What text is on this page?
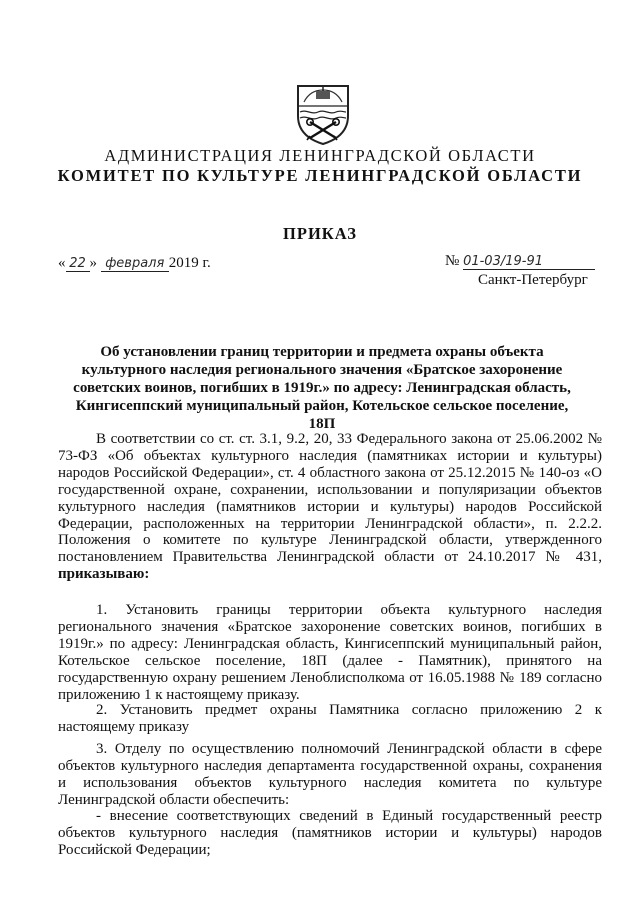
АДМИНИСТРАЦИЯ ЛЕНИНГРАДСКОЙ ОБЛАСТИ
КОМИТЕТ ПО КУЛЬТУРЕ ЛЕНИНГРАДСКОЙ ОБЛАСТИ
ПРИКАЗ
« 22 » февраля 2019 г.	№ 01-03/19-91
Санкт-Петербург
Об установлении границ территории и предмета охраны объекта культурного наследия регионального значения «Братское захоронение советских воинов, погибших в 1919г.» по адресу: Ленинградская область, Кингисеппский муниципальный район, Котельское сельское поселение, 18П

В соответствии со ст. ст. 3.1, 9.2, 20, 33 Федерального закона от 25.06.2002 № 73-ФЗ «Об объектах культурного наследия (памятниках истории и культуры) народов Российской Федерации», ст. 4 областного закона от 25.12.2015 № 140-оз «О государственной охране, сохранении, использовании и популяризации объектов культурного наследия (памятников истории и культуры) народов Российской Федерации, расположенных на территории Ленинградской области», п. 2.2.2. Положения о комитете по культуре Ленинградской области, утвержденного постановлением Правительства Ленинградской области от 24.10.2017 № 431, приказываю:

1. Установить границы территории объекта культурного наследия регионального значения «Братское захоронение советских воинов, погибших в 1919г.» по адресу: Ленинградская область, Кингисеппский муниципальный район, Котельское сельское поселение, 18П (далее - Памятник), принятого на государственную охрану решением Леноблисполкома от 16.05.1988 № 189 согласно приложению 1 к настоящему приказу.

2. Установить предмет охраны Памятника согласно приложению 2 к настоящему приказу

3. Отделу по осуществлению полномочий Ленинградской области в сфере объектов культурного наследия департамента государственной охраны, сохранения и использования объектов культурного наследия комитета по культуре Ленинградской области обеспечить:

- внесение соответствующих сведений в Единый государственный реестр объектов культурного наследия (памятников истории и культуры) народов Российской Федерации;
